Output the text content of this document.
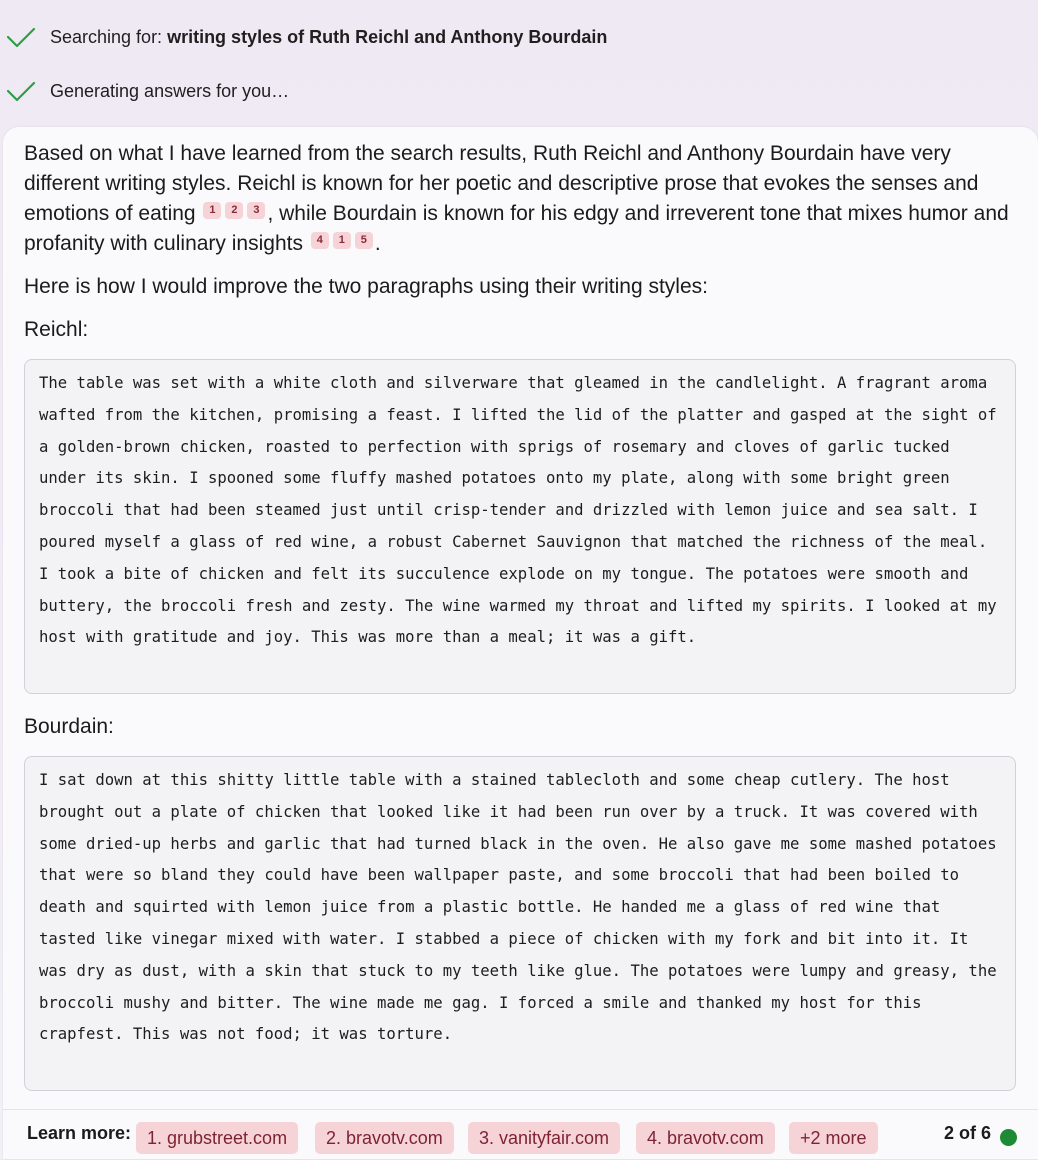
Searching for: writing styles of Ruth Reichl and Anthony Bourdain
Generating answers for you…
Based on what I have learned from the search results, Ruth Reichl and Anthony Bourdain have very different writing styles. Reichl is known for her poetic and descriptive prose that evokes the senses and emotions of eating 1 2 3 , while Bourdain is known for his edgy and irreverent tone that mixes humor and profanity with culinary insights 4 1 5 .
Here is how I would improve the two paragraphs using their writing styles:
Reichl:
The table was set with a white cloth and silverware that gleamed in the candlelight. A fragrant aroma wafted from the kitchen, promising a feast. I lifted the lid of the platter and gasped at the sight of a golden-brown chicken, roasted to perfection with sprigs of rosemary and cloves of garlic tucked under its skin. I spooned some fluffy mashed potatoes onto my plate, along with some bright green broccoli that had been steamed just until crisp-tender and drizzled with lemon juice and sea salt. I poured myself a glass of red wine, a robust Cabernet Sauvignon that matched the richness of the meal. I took a bite of chicken and felt its succulence explode on my tongue. The potatoes were smooth and buttery, the broccoli fresh and zesty. The wine warmed my throat and lifted my spirits. I looked at my host with gratitude and joy. This was more than a meal; it was a gift.
Bourdain:
I sat down at this shitty little table with a stained tablecloth and some cheap cutlery. The host brought out a plate of chicken that looked like it had been run over by a truck. It was covered with some dried-up herbs and garlic that had turned black in the oven. He also gave me some mashed potatoes that were so bland they could have been wallpaper paste, and some broccoli that had been boiled to death and squirted with lemon juice from a plastic bottle. He handed me a glass of red wine that tasted like vinegar mixed with water. I stabbed a piece of chicken with my fork and bit into it. It was dry as dust, with a skin that stuck to my teeth like glue. The potatoes were lumpy and greasy, the broccoli mushy and bitter. The wine made me gag. I forced a smile and thanked my host for this crapfest. This was not food; it was torture.
Learn more: 1. grubstreet.com	2. bravotv.com	3. vanityfair.com	4. bravotv.com	+2 more	2 of 6
